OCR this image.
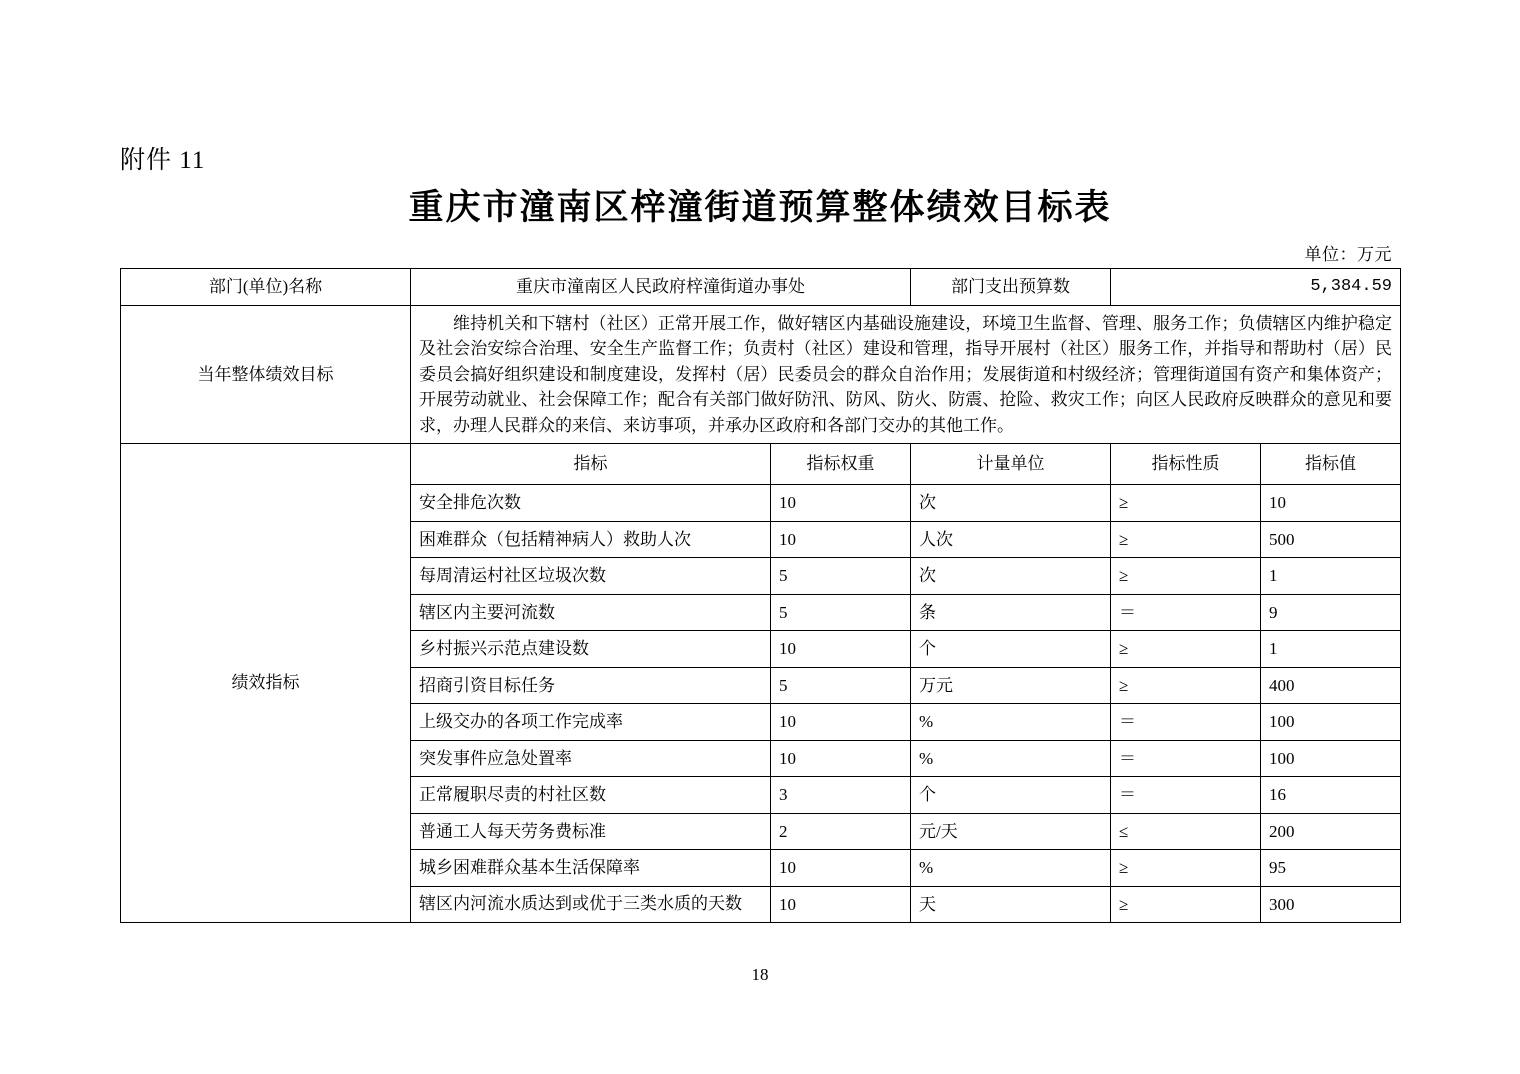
附件 11
重庆市潼南区梓潼街道预算整体绩效目标表
单位：万元
部门(单位)名称	重庆市潼南区人民政府梓潼街道办事处		部门支出预算数	5,384.59	
当年整体绩效目标	维持机关和下辖村（社区）正常开展工作，做好辖区内基础设施建设，环境卫生监督、管理、服务工作；负债辖区内维护稳定及社会治安综合治理、安全生产监督工作；负责村（社区）建设和管理，指导开展村（社区）服务工作，并指导和帮助村（居）民委员会搞好组织建设和制度建设，发挥村（居）民委员会的群众自治作用；发展街道和村级经济；管理街道国有资产和集体资产；开展劳动就业、社会保障工作；配合有关部门做好防汛、防风、防火、防震、抢险、救灾工作；向区人民政府反映群众的意见和要求，办理人民群众的来信、来访事项，并承办区政府和各部门交办的其他工作。				

绩效指标	指标	指标权重	计量单位	指标性质	指标值
	安全排危次数	10	次	≥	10
	困难群众（包括精神病人）救助人次	10	人次	≥	500
	每周清运村社区垃圾次数	5	次	≥	1
	辖区内主要河流数	5	条	＝	9
	乡村振兴示范点建设数	10	个	≥	1
	招商引资目标任务	5	万元	≥	400
	上级交办的各项工作完成率	10	%	＝	100
	突发事件应急处置率	10	%	＝	100
	正常履职尽责的村社区数	3	个	＝	16
	普通工人每天劳务费标准	2	元/天	≤	200
	城乡困难群众基本生活保障率	10	%	≥	95
	辖区内河流水质达到或优于三类水质的天数	10	天	≥	300
18
